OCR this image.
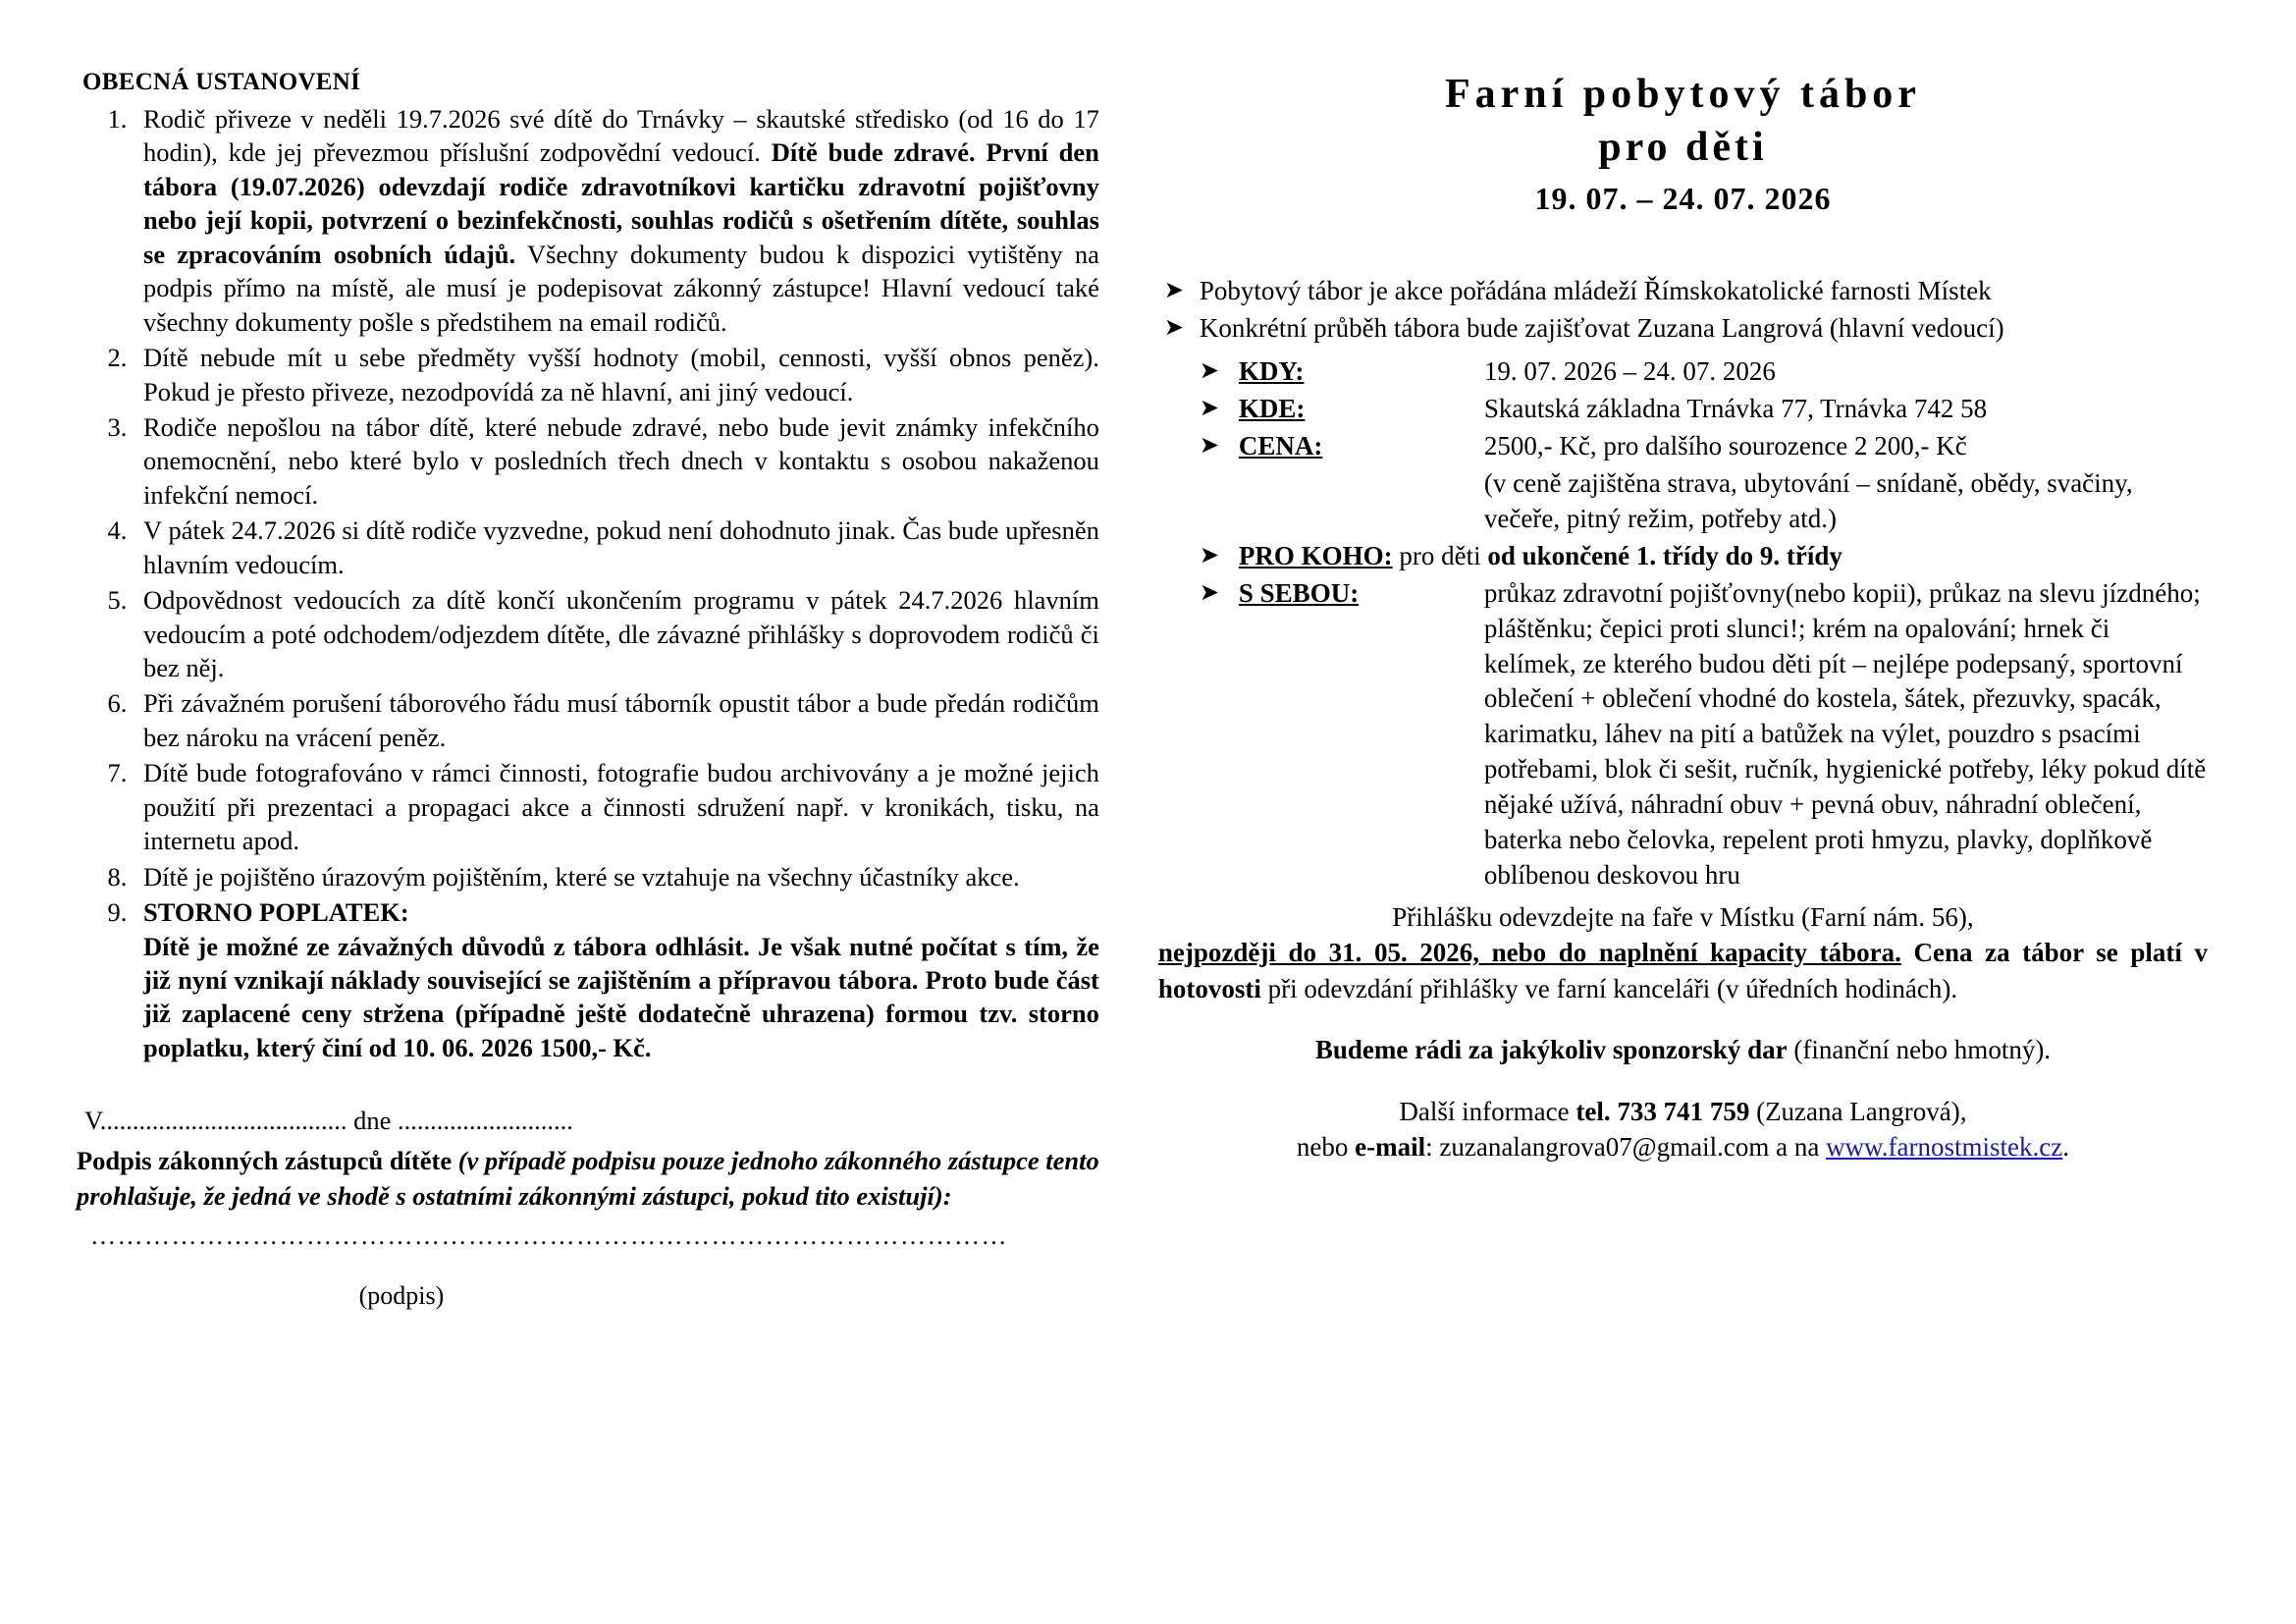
OBECNÁ USTANOVENÍ
1. Rodič přiveze v neděli 19.7.2026 své dítě do Trnávky – skautské středisko (od 16 do 17 hodin), kde jej převezmou příslušní zodpovědní vedoucí. Dítě bude zdravé. První den tábora (19.07.2026) odevzdají rodiče zdravotníkovi kartičku zdravotní pojišťovny nebo její kopii, potvrzení o bezinfekčnosti, souhlas rodičů s ošetřením dítěte, souhlas se zpracováním osobních údajů. Všechny dokumenty budou k dispozici vytištěny na podpis přímo na místě, ale musí je podepisovat zákonný zástupce! Hlavní vedoucí také všechny dokumenty pošle s předstihem na email rodičů.
2. Dítě nebude mít u sebe předměty vyšší hodnoty (mobil, cennosti, vyšší obnos peněz). Pokud je přesto přiveze, nezodpovídá za ně hlavní, ani jiný vedoucí.
3. Rodiče nepošlou na tábor dítě, které nebude zdravé, nebo bude jevit známky infekčního onemocnění, nebo které bylo v posledních třech dnech v kontaktu s osobou nakaženou infekční nemocí.
4. V pátek 24.7.2026 si dítě rodiče vyzvedne, pokud není dohodnuto jinak. Čas bude upřesněn hlavním vedoucím.
5. Odpovědnost vedoucích za dítě končí ukončením programu v pátek 24.7.2026 hlavním vedoucím a poté odchodem/odjezdem dítěte, dle závazné přihlášky s doprovodem rodičů či bez něj.
6. Při závažném porušení táborového řádu musí táborník opustit tábor a bude předán rodičům bez nároku na vrácení peněz.
7. Dítě bude fotografováno v rámci činnosti, fotografie budou archivovány a je možné jejich použití při prezentaci a propagaci akce a činnosti sdružení např. v kronikách, tisku, na internetu apod.
8. Dítě je pojištěno úrazovým pojištěním, které se vztahuje na všechny účastníky akce.
9. STORNO POPLATEK:
Dítě je možné ze závažných důvodů z tábora odhlásit. Je však nutné počítat s tím, že již nyní vznikají náklady související se zajištěním a přípravou tábora. Proto bude část již zaplacené ceny stržena (případně ještě dodatečně uhrazena) formou tzv. storno poplatku, který činí od 10. 06. 2026 1500,- Kč.
V...................................... dne ...........................
Podpis zákonných zástupců dítěte (v případě podpisu pouze jednoho zákonného zástupce tento prohlašuje, že jedná ve shodě s ostatními zákonnými zástupci, pokud tito existují):
…………………………………………………………………………………………
(podpis)
Farní pobytový tábor
pro děti
19. 07. – 24. 07. 2026
➤ Pobytový tábor je akce pořádána mládeží Římskokatolické farnosti Místek
➤ Konkrétní průběh tábora bude zajišťovat Zuzana Langrová (hlavní vedoucí)
➤ KDY:	19. 07. 2026 – 24. 07. 2026
➤ KDE:	Skautská základna Trnávka 77, Trnávka 742 58
➤ CENA:	2500,- Kč, pro dalšího sourozence 2 200,- Kč
(v ceně zajištěna strava, ubytování – snídaně, obědy, svačiny, večeře, pitný režim, potřeby atd.)
➤ PRO KOHO: pro děti od ukončené 1. třídy do 9. třídy
➤ S SEBOU:	průkaz zdravotní pojišťovny(nebo kopii), průkaz na slevu jízdného; pláštěnku; čepici proti slunci!; krém na opalování; hrnek či kelímek, ze kterého budou děti pít – nejlépe podepsaný, sportovní oblečení + oblečení vhodné do kostela, šátek, přezuvky, spacák, karimatku, láhev na pití a batůžek na výlet, pouzdro s psacími potřebami, blok či sešit, ručník, hygienické potřeby, léky pokud dítě nějaké užívá, náhradní obuv + pevná obuv, náhradní oblečení, baterka nebo čelovka, repelent proti hmyzu, plavky, doplňkově oblíbenou deskovou hru
Přihlášku odevzdejte na faře v Místku (Farní nám. 56),
nejpozději do 31. 05. 2026, nebo do naplnění kapacity tábora. Cena za tábor se platí v hotovosti při odevzdání přihlášky ve farní kanceláři (v úředních hodinách).
Budeme rádi za jakýkoliv sponzorský dar (finanční nebo hmotný).
Další informace tel. 733 741 759 (Zuzana Langrová),
nebo e-mail: zuzanalangrova07@gmail.com a na www.farnostmistek.cz.
